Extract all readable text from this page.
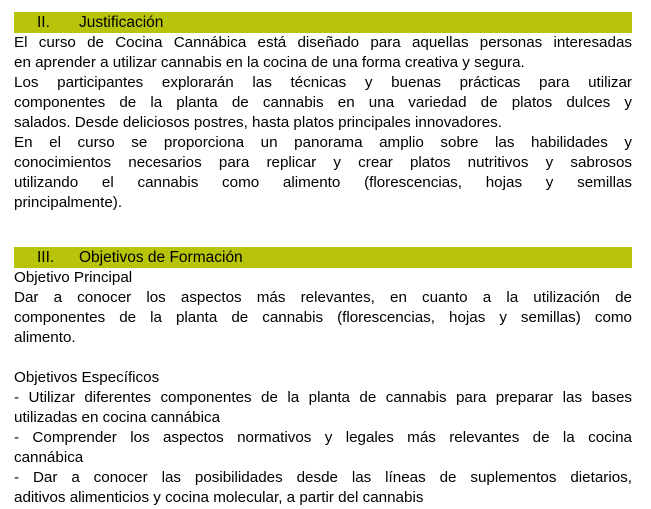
II.	Justificación
El curso de Cocina Cannábica está diseñado para aquellas personas interesadas
en aprender a utilizar cannabis en la cocina de una forma creativa y segura.
Los participantes explorarán las técnicas y buenas prácticas para utilizar
componentes de la planta de cannabis en una variedad de platos dulces y
salados. Desde deliciosos postres, hasta platos principales innovadores.
En el curso se proporciona un panorama amplio sobre las habilidades y
conocimientos necesarios para replicar y crear platos nutritivos y sabrosos
utilizando el cannabis como alimento (florescencias, hojas y semillas
principalmente).
III.	Objetivos de Formación

Objetivo Principal

Dar a conocer los aspectos más relevantes, en cuanto a la utilización de
componentes de la planta de cannabis (florescencias, hojas y semillas) como
alimento.

Objetivos Específicos

- Utilizar diferentes componentes de la planta de cannabis para preparar las bases
utilizadas en cocina cannábica
- Comprender los aspectos normativos y legales más relevantes de la cocina
cannábica
- Dar a conocer las posibilidades desde las líneas de suplementos dietarios,
aditivos alimenticios y cocina molecular, a partir del cannabis
